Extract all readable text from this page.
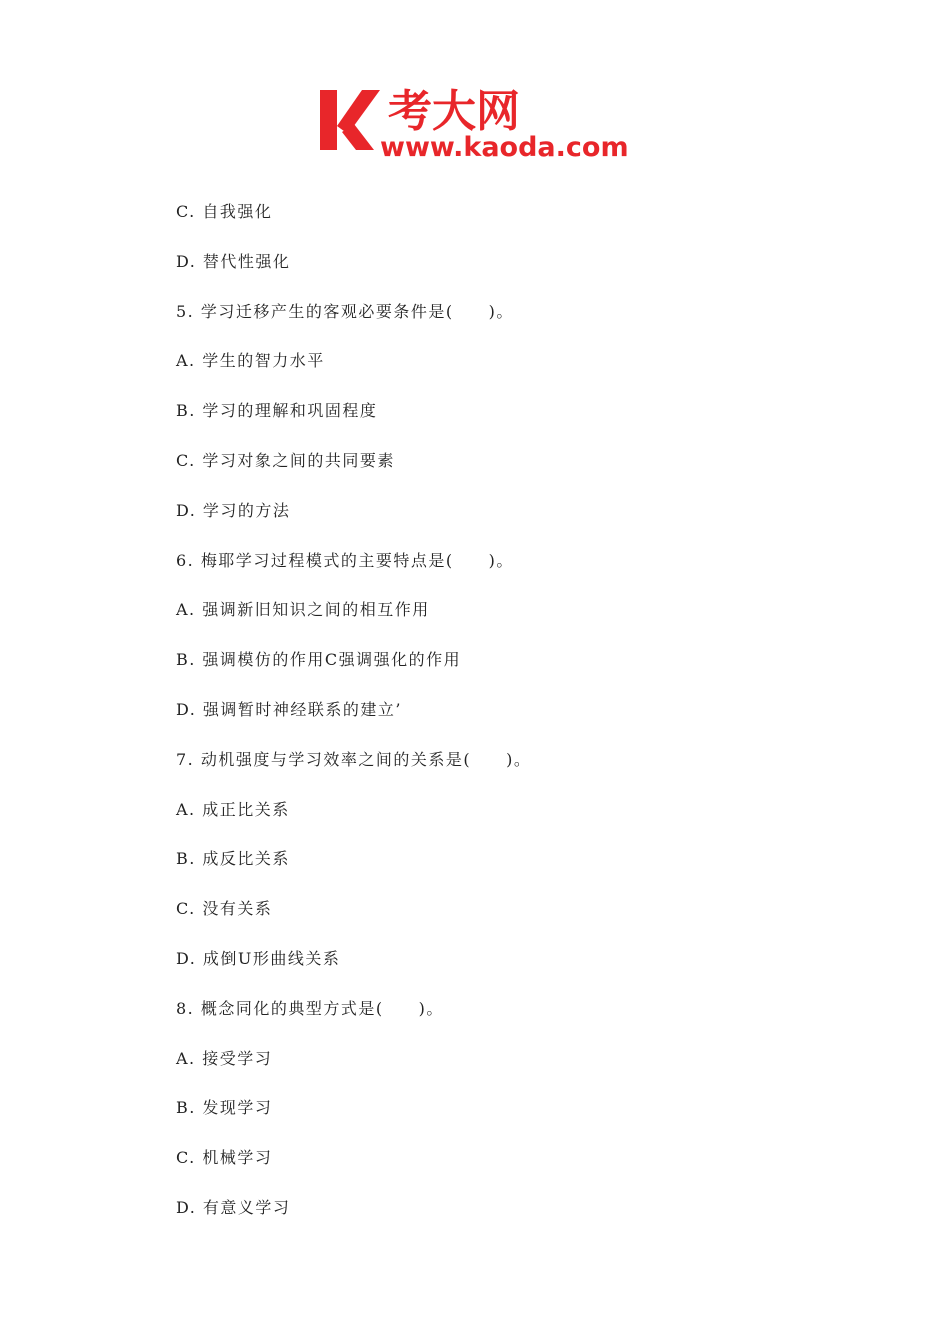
考大网
www.kaoda.com
C. 自我强化
D. 替代性强化
5. 学习迁移产生的客观必要条件是(　　)。
A. 学生的智力水平
B. 学习的理解和巩固程度
C. 学习对象之间的共同要素
D. 学习的方法
6. 梅耶学习过程模式的主要特点是(　　)。
A. 强调新旧知识之间的相互作用
B. 强调模仿的作用C强调强化的作用
D. 强调暂时神经联系的建立’
7. 动机强度与学习效率之间的关系是(　　)。
A. 成正比关系
B. 成反比关系
C. 没有关系
D. 成倒U形曲线关系
8. 概念同化的典型方式是(　　)。
A. 接受学习
B. 发现学习
C. 机械学习
D. 有意义学习
